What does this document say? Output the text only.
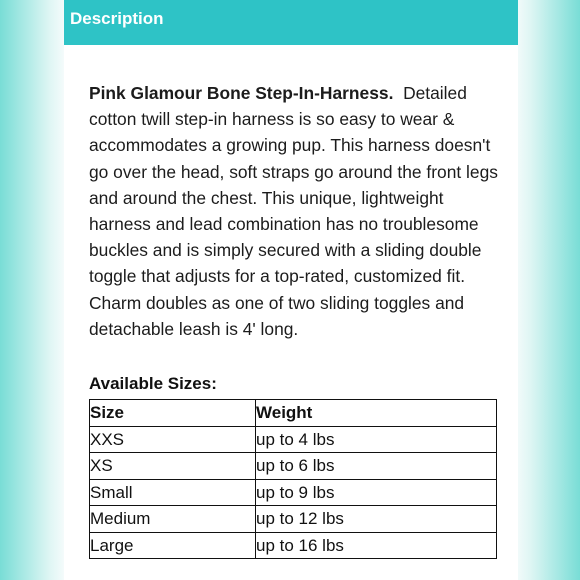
Description
Pink Glamour Bone Step-In-Harness. Detailed cotton twill step-in harness is so easy to wear & accommodates a growing pup. This harness doesn't go over the head, soft straps go around the front legs and around the chest. This unique, lightweight harness and lead combination has no troublesome buckles and is simply secured with a sliding double toggle that adjusts for a top-rated, customized fit. Charm doubles as one of two sliding toggles and detachable leash is 4' long.
Available Sizes:
Size	Weight
XXS	up to 4 lbs
XS	up to 6 lbs
Small	up to 9 lbs
Medium	up to 12 lbs
Large	up to 16 lbs
